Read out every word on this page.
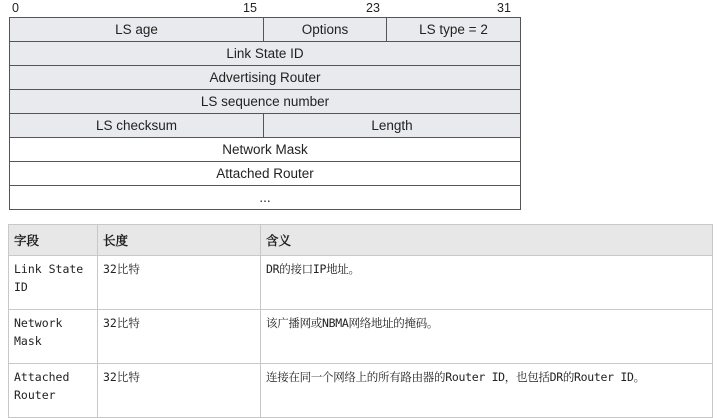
0	15	23	31
LS age	Options	LS type = 2
Link State ID
Advertising Router
LS sequence number
LS checksum	Length
Network Mask
Attached Router
...
字段	长度	含义
Link State ID	32比特	DR的接口IP地址。
Network Mask	32比特	该广播网或NBMA网络地址的掩码。
Attached Router	32比特	连接在同一个网络上的所有路由器的Router ID，也包括DR的Router ID。
